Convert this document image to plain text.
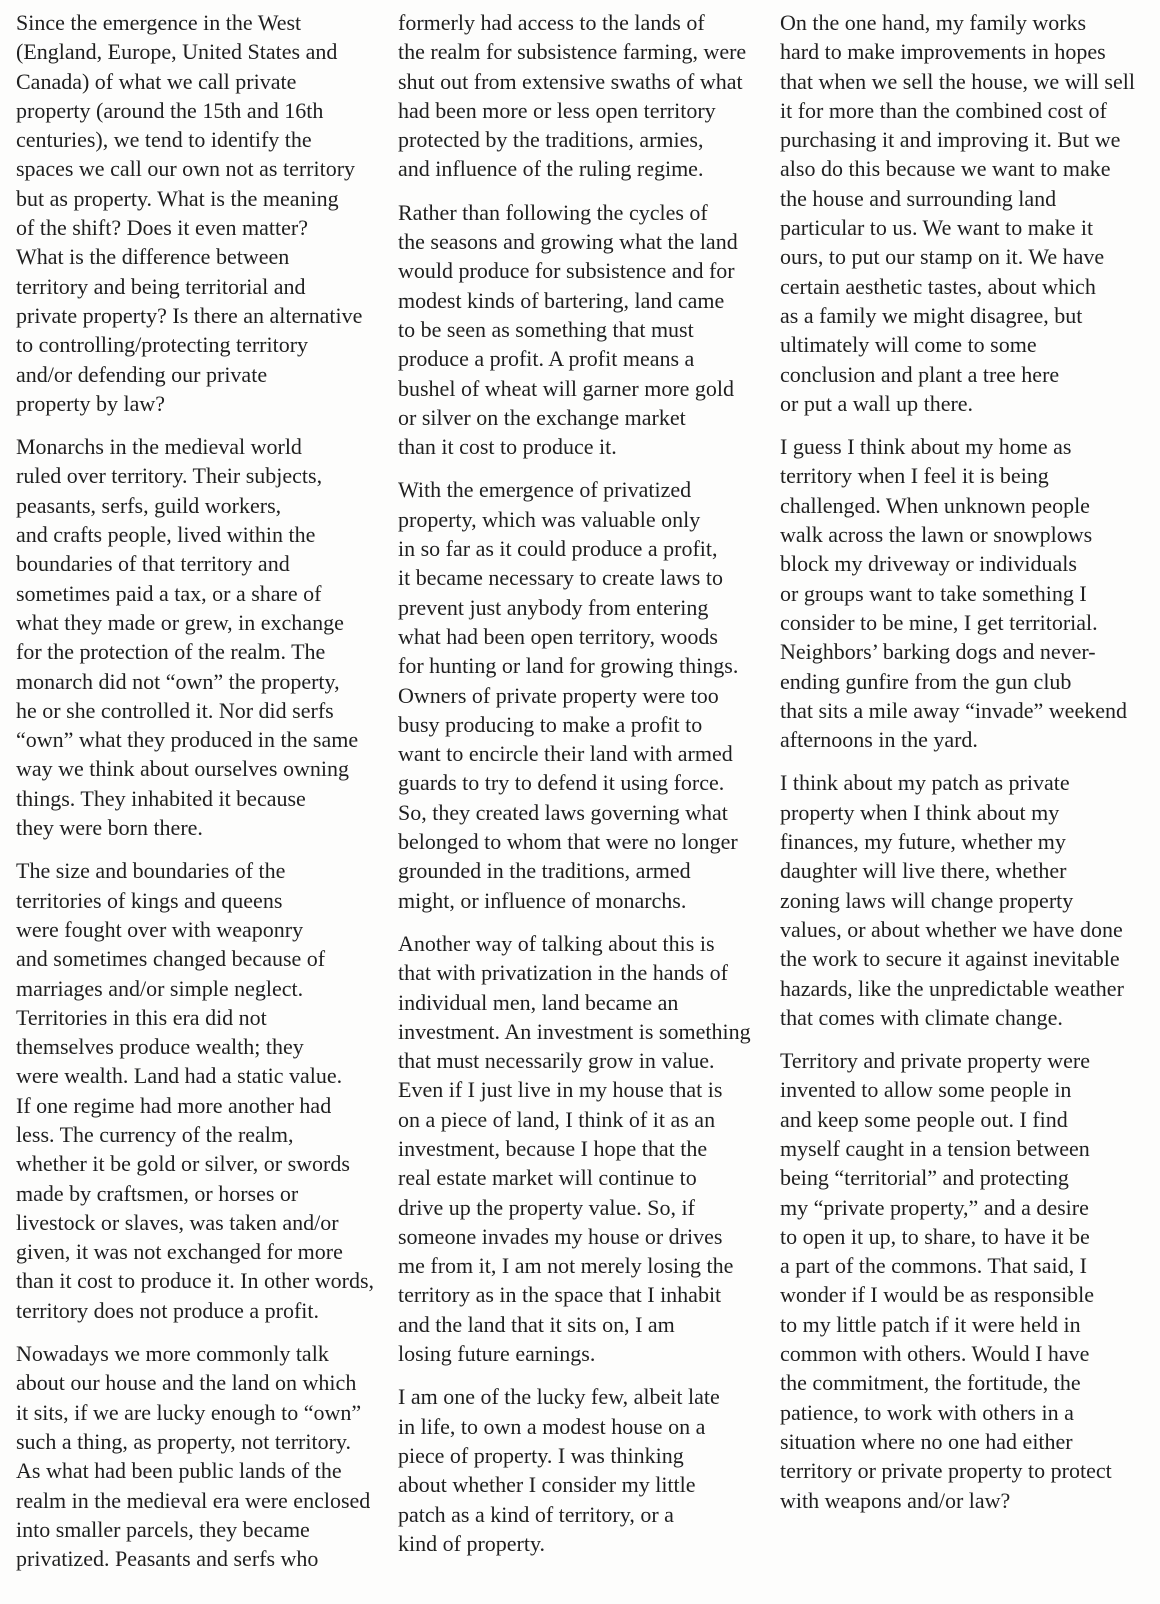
Since the emergence in the West
(England, Europe, United States and
Canada) of what we call private
property (around the 15th and 16th
centuries), we tend to identify the
spaces we call our own not as territory
but as property. What is the meaning
of the shift? Does it even matter?
What is the difference between
territory and being territorial and
private property? Is there an alternative
to controlling/protecting territory
and/or defending our private
property by law?

Monarchs in the medieval world
ruled over territory. Their subjects,
peasants, serfs, guild workers,
and crafts people, lived within the
boundaries of that territory and
sometimes paid a tax, or a share of
what they made or grew, in exchange
for the protection of the realm. The
monarch did not “own” the property,
he or she controlled it. Nor did serfs
“own” what they produced in the same
way we think about ourselves owning
things. They inhabited it because
they were born there.

The size and boundaries of the
territories of kings and queens
were fought over with weaponry
and sometimes changed because of
marriages and/or simple neglect.
Territories in this era did not
themselves produce wealth; they
were wealth. Land had a static value.
If one regime had more another had
less. The currency of the realm,
whether it be gold or silver, or swords
made by craftsmen, or horses or
livestock or slaves, was taken and/or
given, it was not exchanged for more
than it cost to produce it. In other words,
territory does not produce a profit.

Nowadays we more commonly talk
about our house and the land on which
it sits, if we are lucky enough to “own”
such a thing, as property, not territory.
As what had been public lands of the
realm in the medieval era were enclosed
into smaller parcels, they became
privatized. Peasants and serfs who

formerly had access to the lands of
the realm for subsistence farming, were
shut out from extensive swaths of what
had been more or less open territory
protected by the traditions, armies,
and influence of the ruling regime.

Rather than following the cycles of
the seasons and growing what the land
would produce for subsistence and for
modest kinds of bartering, land came
to be seen as something that must
produce a profit. A profit means a
bushel of wheat will garner more gold
or silver on the exchange market
than it cost to produce it.

With the emergence of privatized
property, which was valuable only
in so far as it could produce a profit,
it became necessary to create laws to
prevent just anybody from entering
what had been open territory, woods
for hunting or land for growing things.
Owners of private property were too
busy producing to make a profit to
want to encircle their land with armed
guards to try to defend it using force.
So, they created laws governing what
belonged to whom that were no longer
grounded in the traditions, armed
might, or influence of monarchs.

Another way of talking about this is
that with privatization in the hands of
individual men, land became an
investment. An investment is something
that must necessarily grow in value.
Even if I just live in my house that is
on a piece of land, I think of it as an
investment, because I hope that the
real estate market will continue to
drive up the property value. So, if
someone invades my house or drives
me from it, I am not merely losing the
territory as in the space that I inhabit
and the land that it sits on, I am
losing future earnings.

I am one of the lucky few, albeit late
in life, to own a modest house on a
piece of property. I was thinking
about whether I consider my little
patch as a kind of territory, or a
kind of property.

On the one hand, my family works
hard to make improvements in hopes
that when we sell the house, we will sell
it for more than the combined cost of
purchasing it and improving it. But we
also do this because we want to make
the house and surrounding land
particular to us. We want to make it
ours, to put our stamp on it. We have
certain aesthetic tastes, about which
as a family we might disagree, but
ultimately will come to some
conclusion and plant a tree here
or put a wall up there.

I guess I think about my home as
territory when I feel it is being
challenged. When unknown people
walk across the lawn or snowplows
block my driveway or individuals
or groups want to take something I
consider to be mine, I get territorial.
Neighbors’ barking dogs and never-
ending gunfire from the gun club
that sits a mile away “invade” weekend
afternoons in the yard.

I think about my patch as private
property when I think about my
finances, my future, whether my
daughter will live there, whether
zoning laws will change property
values, or about whether we have done
the work to secure it against inevitable
hazards, like the unpredictable weather
that comes with climate change.

Territory and private property were
invented to allow some people in
and keep some people out. I find
myself caught in a tension between
being “territorial” and protecting
my “private property,” and a desire
to open it up, to share, to have it be
a part of the commons. That said, I
wonder if I would be as responsible
to my little patch if it were held in
common with others. Would I have
the commitment, the fortitude, the
patience, to work with others in a
situation where no one had either
territory or private property to protect
with weapons and/or law?
